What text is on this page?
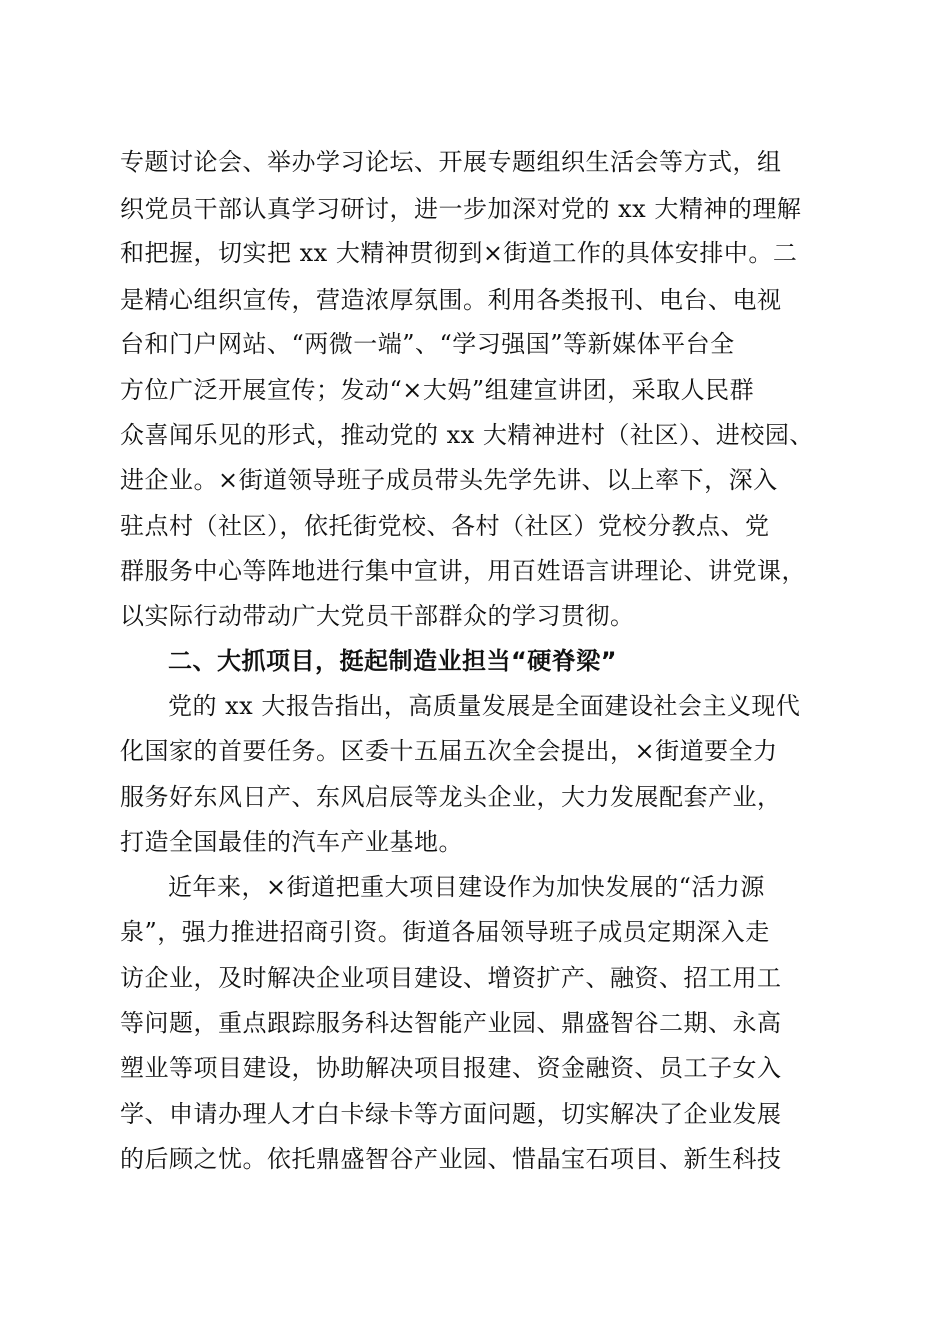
专题讨论会、举办学习论坛、开展专题组织生活会等方式，组
织党员干部认真学习研讨，进一步加深对党的 xx 大精神的理解
和把握，切实把 xx 大精神贯彻到×街道工作的具体安排中。二
是精心组织宣传，营造浓厚氛围。利用各类报刊、电台、电视
台和门户网站、“两微一端”、“学习强国”等新媒体平台全
方位广泛开展宣传；发动“×大妈”组建宣讲团，采取人民群
众喜闻乐见的形式，推动党的 xx 大精神进村（社区）、进校园、
进企业。×街道领导班子成员带头先学先讲、以上率下，深入
驻点村（社区），依托街党校、各村（社区）党校分教点、党
群服务中心等阵地进行集中宣讲，用百姓语言讲理论、讲党课，
以实际行动带动广大党员干部群众的学习贯彻。
二、大抓项目，挺起制造业担当“硬脊梁”
党的 xx 大报告指出，高质量发展是全面建设社会主义现代
化国家的首要任务。区委十五届五次全会提出，×街道要全力
服务好东风日产、东风启辰等龙头企业，大力发展配套产业，
打造全国最佳的汽车产业基地。
近年来，×街道把重大项目建设作为加快发展的“活力源
泉”，强力推进招商引资。街道各届领导班子成员定期深入走
访企业，及时解决企业项目建设、增资扩产、融资、招工用工
等问题，重点跟踪服务科达智能产业园、鼎盛智谷二期、永高
塑业等项目建设，协助解决项目报建、资金融资、员工子女入
学、申请办理人才白卡绿卡等方面问题，切实解决了企业发展
的后顾之忧。依托鼎盛智谷产业园、惜晶宝石项目、新生科技
